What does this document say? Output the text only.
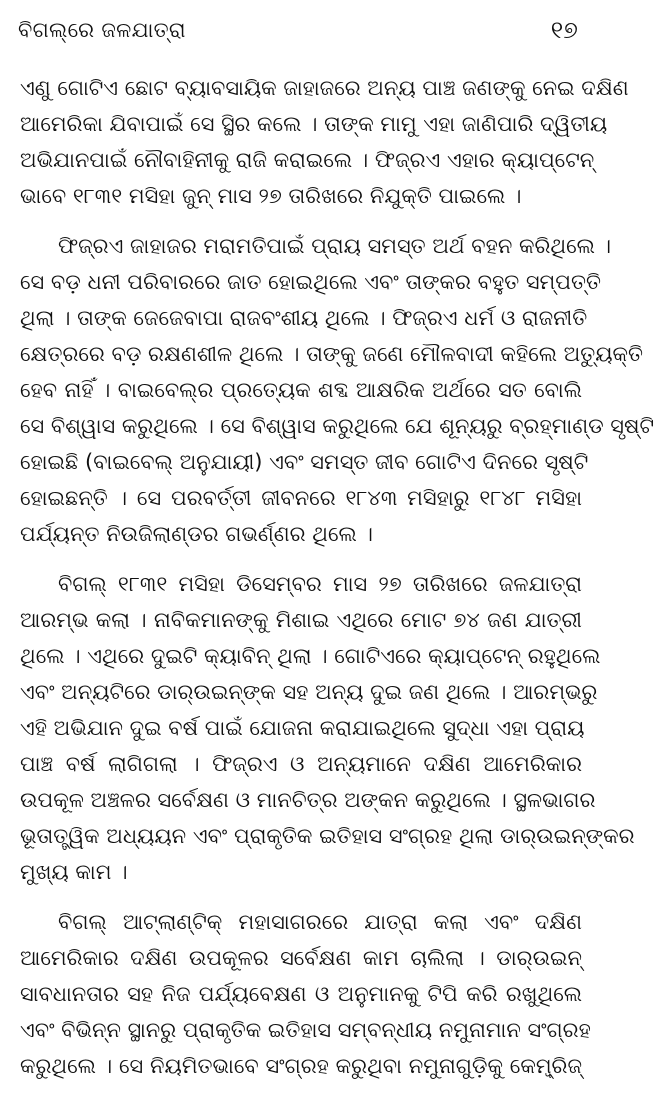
ବିଗଲ୍‌ରେ ଜଳଯାତ୍ରା	୧୭
ଏଣୁ ଗୋଟିଏ ଛୋଟ ବ୍ୟାବସାୟିକ ଜାହାଜରେ ଅନ୍ୟ ପାଞ୍ଚ ଜଣଙ୍କୁ ନେଇ ଦକ୍ଷିଣ
ଆମେରିକା ଯିବାପାଇଁ ସେ ସ୍ଥିର କଲେ । ତାଙ୍କ ମାମୁ ଏହା ଜାଣିପାରି ଦ୍ୱିତୀୟ
ଅଭିଯାନପାଇଁ ନୌବାହିନୀକୁ ରାଜି କରାଇଲେ । ଫିଜ୍‌ରଏ ଏହାର କ୍ୟାପ୍‌ଟେନ୍
ଭାବେ ୧୮୩୧ ମସିହା ଜୁନ୍ ମାସ ୨୭ ତାରିଖରେ ନିଯୁକ୍ତି ପାଇଲେ ।
ଫିଜ୍‌ରଏ ଜାହାଜର ମରାମତିପାଇଁ ପ୍ରାୟ ସମସ୍ତ ଅର୍ଥ ବହନ କରିଥିଲେ ।
ସେ ବଡ଼ ଧନୀ ପରିବାରରେ ଜାତ ହୋଇଥିଲେ ଏବଂ ତାଙ୍କର ବହୁତ ସମ୍ପତ୍ତି
ଥିଲା । ତାଙ୍କ ଜେଜେବାପା ରାଜବଂଶୀୟ ଥିଲେ । ଫିଜ୍‌ରଏ ଧର୍ମ ଓ ରାଜନୀତି
କ୍ଷେତ୍ରରେ ବଡ଼ ରକ୍ଷଣଶୀଳ ଥିଲେ । ତାଙ୍କୁ ଜଣେ ମୌଳବାଦୀ କହିଲେ ଅତ୍ୟୁକ୍ତି
ହେବ ନାହିଁ । ବାଇବେଲ୍‌ର ପ୍ରତ୍ୟେକ ଶବ୍ଦ ଆକ୍ଷରିକ ଅର୍ଥରେ ସତ ବୋଲି
ସେ ବିଶ୍ୱାସ କରୁଥିଲେ । ସେ ବିଶ୍ୱାସ କରୁଥିଲେ ଯେ ଶୂନ୍ୟରୁ ବ୍ରହ୍ମାଣ୍ଡ ସୃଷ୍ଟି
ହୋଇଛି (ବାଇବେଲ୍ ଅନୁଯାୟୀ) ଏବଂ ସମସ୍ତ ଜୀବ ଗୋଟିଏ ଦିନରେ ସୃଷ୍ଟି
ହୋଇଛନ୍ତି । ସେ ପରବର୍ତ୍ତୀ ଜୀବନରେ ୧୮୪୩ ମସିହାରୁ ୧୮୪୮ ମସିହା
ପର୍ଯ୍ୟନ୍ତ ନିଉଜିଲାଣ୍ଡର ଗଭର୍ଣ୍ଣର ଥିଲେ ।
ବିଗଲ୍ ୧୮୩୧ ମସିହା ଡିସେମ୍ବର ମାସ ୨୭ ତାରିଖରେ ଜଳଯାତ୍ରା
ଆରମ୍ଭ କଲା । ନାବିକମାନଙ୍କୁ ମିଶାଇ ଏଥିରେ ମୋଟ ୭୪ ଜଣ ଯାତ୍ରୀ
ଥିଲେ । ଏଥିରେ ଦୁଇଟି କ୍ୟାବିନ୍ ଥିଲା । ଗୋଟିଏରେ କ୍ୟାପ୍‌ଟେନ୍ ରହୁଥିଲେ
ଏବଂ ଅନ୍ୟଟିରେ ଡାର୍‌ଉଇନ୍‌ଙ୍କ ସହ ଅନ୍ୟ ଦୁଇ ଜଣ ଥିଲେ । ଆରମ୍ଭରୁ
ଏହି ଅଭିଯାନ ଦୁଇ ବର୍ଷ ପାଇଁ ଯୋଜନା କରାଯାଇଥିଲେ ସୁଦ୍ଧା ଏହା ପ୍ରାୟ
ପାଞ୍ଚ ବର୍ଷ ଲାଗିଗଲା । ଫିଜ୍‌ରଏ ଓ ଅନ୍ୟମାନେ ଦକ୍ଷିଣ ଆମେରିକାର
ଉପକୂଳ ଅଞ୍ଚଳର ସର୍ବେକ୍ଷଣ ଓ ମାନଚିତ୍ର ଅଙ୍କନ କରୁଥିଲେ । ସ୍ଥଳଭାଗର
ଭୂତାତ୍ତ୍ୱିକ ଅଧ୍ୟୟନ ଏବଂ ପ୍ରାକୃତିକ ଇତିହାସ ସଂଗ୍ରହ ଥିଲା ଡାର୍‌ଉଇନ୍‌ଙ୍କର
ମୁଖ୍ୟ କାମ ।
ବିଗଲ୍ ଆଟ୍‌ଲାଣ୍ଟିକ୍ ମହାସାଗରରେ ଯାତ୍ରା କଲା ଏବଂ ଦକ୍ଷିଣ
ଆମେରିକାର ଦକ୍ଷିଣ ଉପକୂଳର ସର୍ବେକ୍ଷଣ କାମ ଚାଲିଲା । ଡାର୍‌ଉଇନ୍
ସାବଧାନତାର ସହ ନିଜ ପର୍ଯ୍ୟବେକ୍ଷଣ ଓ ଅନୁମାନକୁ ଟିପି କରି ରଖୁଥିଲେ
ଏବଂ ବିଭିନ୍ନ ସ୍ଥାନରୁ ପ୍ରାକୃତିକ ଇତିହାସ ସମ୍ବନ୍ଧୀୟ ନମୁନାମାନ ସଂଗ୍ରହ
କରୁଥିଲେ । ସେ ନିୟମିତଭାବେ ସଂଗ୍ରହ କରୁଥିବା ନମୁନାଗୁଡ଼ିକୁ କେମ୍ବ୍ରିଜ୍
